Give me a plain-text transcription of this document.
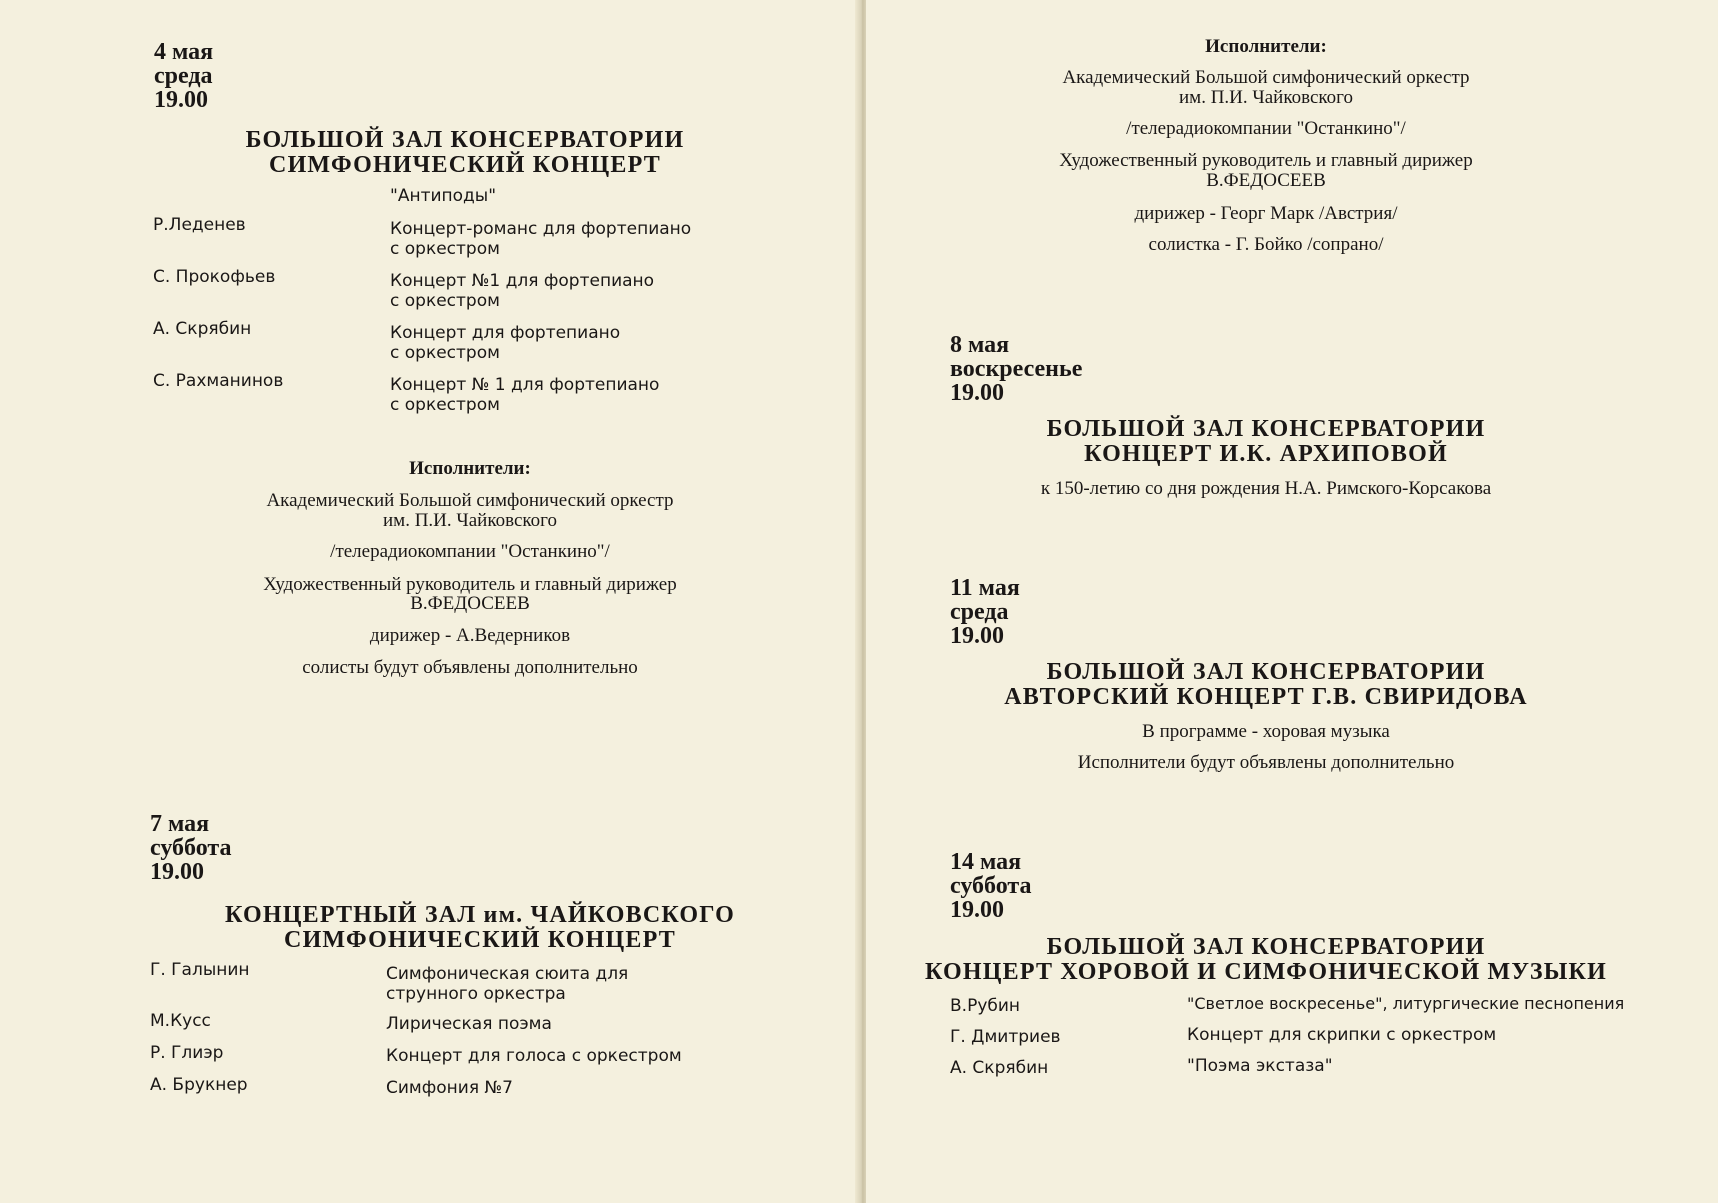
4 мая
среда
19.00
БОЛЬШОЙ ЗАЛ КОНСЕРВАТОРИИ
СИМФОНИЧЕСКИЙ КОНЦЕРТ
"Антиподы"
Р.Леденев	Концерт-романс для фортепиано
с оркестром
С. Прокофьев	Концерт №1 для фортепиано
с оркестром
А. Скрябин	Концерт для фортепиано
с оркестром
С. Рахманинов	Концерт № 1 для фортепиано
с оркестром
Исполнители:
Академический Большой симфонический оркестр
им. П.И. Чайковского
/телерадиокомпании "Останкино"/
Художественный руководитель и главный дирижер
В.ФЕДОСЕЕВ
дирижер - А.Ведерников
солисты будут объявлены дополнительно
7 мая
суббота
19.00
КОНЦЕРТНЫЙ ЗАЛ им. ЧАЙКОВСКОГО
СИМФОНИЧЕСКИЙ КОНЦЕРТ
Г. Галынин	Симфоническая сюита для
струнного оркестра
М.Кусс	Лирическая поэма
Р. Глиэр	Концерт для голоса с оркестром
А. Брукнер	Симфония №7
Исполнители:
Академический Большой симфонический оркестр
им. П.И. Чайковского
/телерадиокомпании "Останкино"/
Художественный руководитель и главный дирижер
В.ФЕДОСЕЕВ
дирижер - Георг Марк /Австрия/
солистка - Г. Бойко /сопрано/
8 мая
воскресенье
19.00
БОЛЬШОЙ ЗАЛ КОНСЕРВАТОРИИ
КОНЦЕРТ И.К. АРХИПОВОЙ
к 150-летию со дня рождения Н.А. Римского-Корсакова
11 мая
среда
19.00
БОЛЬШОЙ ЗАЛ КОНСЕРВАТОРИИ
АВТОРСКИЙ КОНЦЕРТ Г.В. СВИРИДОВА
В программе - хоровая музыка
Исполнители будут объявлены дополнительно
14 мая
суббота
19.00
БОЛЬШОЙ ЗАЛ КОНСЕРВАТОРИИ
КОНЦЕРТ ХОРОВОЙ И СИМФОНИЧЕСКОЙ МУЗЫКИ
В.Рубин	"Светлое воскресенье", литургические песнопения
Г. Дмитриев	Концерт для скрипки с оркестром
А. Скрябин	"Поэма экстаза"
